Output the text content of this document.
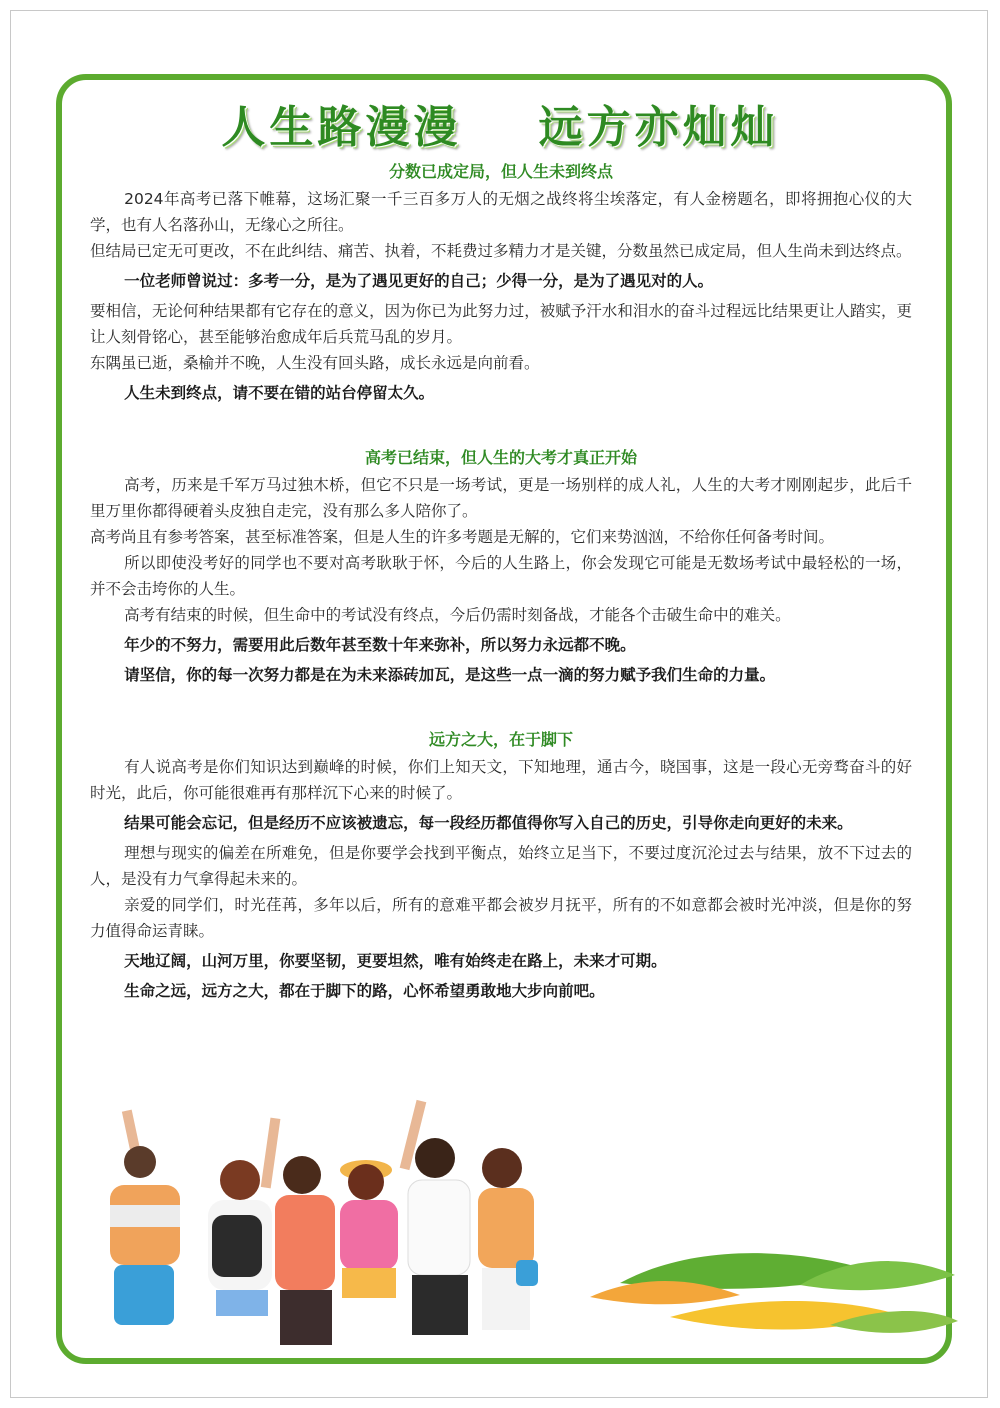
人生路漫漫    远方亦灿灿
分数已成定局，但人生未到终点

2024年高考已落下帷幕，这场汇聚一千三百多万人的无烟之战终将尘埃落定，有人金榜题名，即将拥抱心仪的大学，也有人名落孙山，无缘心之所往。

但结局已定无可更改，不在此纠结、痛苦、执着，不耗费过多精力才是关键，分数虽然已成定局，但人生尚未到达终点。

一位老师曾说过：多考一分，是为了遇见更好的自己；少得一分，是为了遇见对的人。

要相信，无论何种结果都有它存在的意义，因为你已为此努力过，被赋予汗水和泪水的奋斗过程远比结果更让人踏实，更让人刻骨铭心，甚至能够治愈成年后兵荒马乱的岁月。

东隅虽已逝，桑榆并不晚，人生没有回头路，成长永远是向前看。

人生未到终点，请不要在错的站台停留太久。

高考已结束，但人生的大考才真正开始

高考，历来是千军万马过独木桥，但它不只是一场考试，更是一场别样的成人礼，人生的大考才刚刚起步，此后千里万里你都得硬着头皮独自走完，没有那么多人陪你了。

高考尚且有参考答案，甚至标准答案，但是人生的许多考题是无解的，它们来势汹汹，不给你任何备考时间。

所以即使没考好的同学也不要对高考耿耿于怀，今后的人生路上，你会发现它可能是无数场考试中最轻松的一场，并不会击垮你的人生。

高考有结束的时候，但生命中的考试没有终点，今后仍需时刻备战，才能各个击破生命中的难关。

年少的不努力，需要用此后数年甚至数十年来弥补，所以努力永远都不晚。

请坚信，你的每一次努力都是在为未来添砖加瓦，是这些一点一滴的努力赋予我们生命的力量。

远方之大，在于脚下

有人说高考是你们知识达到巅峰的时候，你们上知天文，下知地理，通古今，晓国事，这是一段心无旁骛奋斗的好时光，此后，你可能很难再有那样沉下心来的时候了。

结果可能会忘记，但是经历不应该被遗忘，每一段经历都值得你写入自己的历史，引导你走向更好的未来。

理想与现实的偏差在所难免，但是你要学会找到平衡点，始终立足当下，不要过度沉沦过去与结果，放不下过去的人，是没有力气拿得起未来的。

亲爱的同学们，时光荏苒，多年以后，所有的意难平都会被岁月抚平，所有的不如意都会被时光冲淡，但是你的努力值得命运青睐。

天地辽阔，山河万里，你要坚韧，更要坦然，唯有始终走在路上，未来才可期。

生命之远，远方之大，都在于脚下的路，心怀希望勇敢地大步向前吧。
